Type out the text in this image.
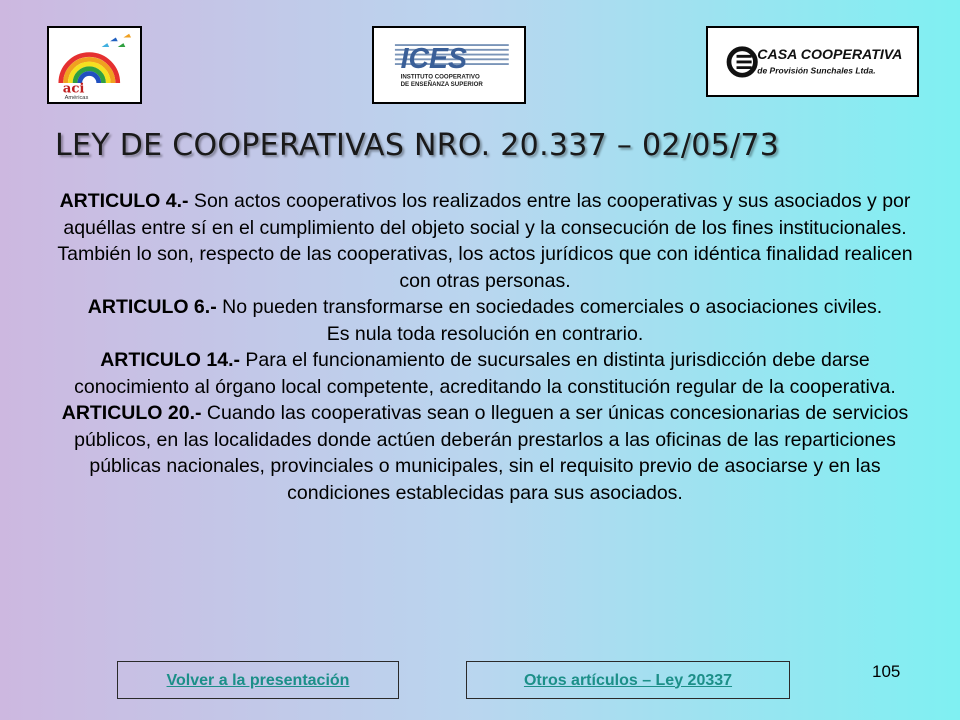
aci
Américas
ICES
INSTITUTO COOPERATIVO
DE ENSEÑANZA SUPERIOR
CASA COOPERATIVA
de Provisión Sunchales Ltda.
LEY DE COOPERATIVAS NRO. 20.337 – 02/05/73

ARTICULO 4.- Son actos cooperativos los realizados entre las cooperativas y sus asociados y por aquéllas entre sí en el cumplimiento del objeto social y la consecución de los fines institucionales.

También lo son, respecto de las cooperativas, los actos jurídicos que con idéntica finalidad realicen con otras personas.

ARTICULO 6.- No pueden transformarse en sociedades comerciales o asociaciones civiles.

Es nula toda resolución en contrario.

ARTICULO 14.- Para el funcionamiento de sucursales en distinta jurisdicción debe darse conocimiento al órgano local competente, acreditando la constitución regular de la cooperativa.

ARTICULO 20.- Cuando las cooperativas sean o lleguen a ser únicas concesionarias de servicios públicos, en las localidades donde actúen deberán prestarlos a las oficinas de las reparticiones públicas nacionales, provinciales o municipales, sin el requisito previo de asociarse y en las condiciones establecidas para sus asociados.

Volver a la presentación	Otros artículos – Ley 20337	105
